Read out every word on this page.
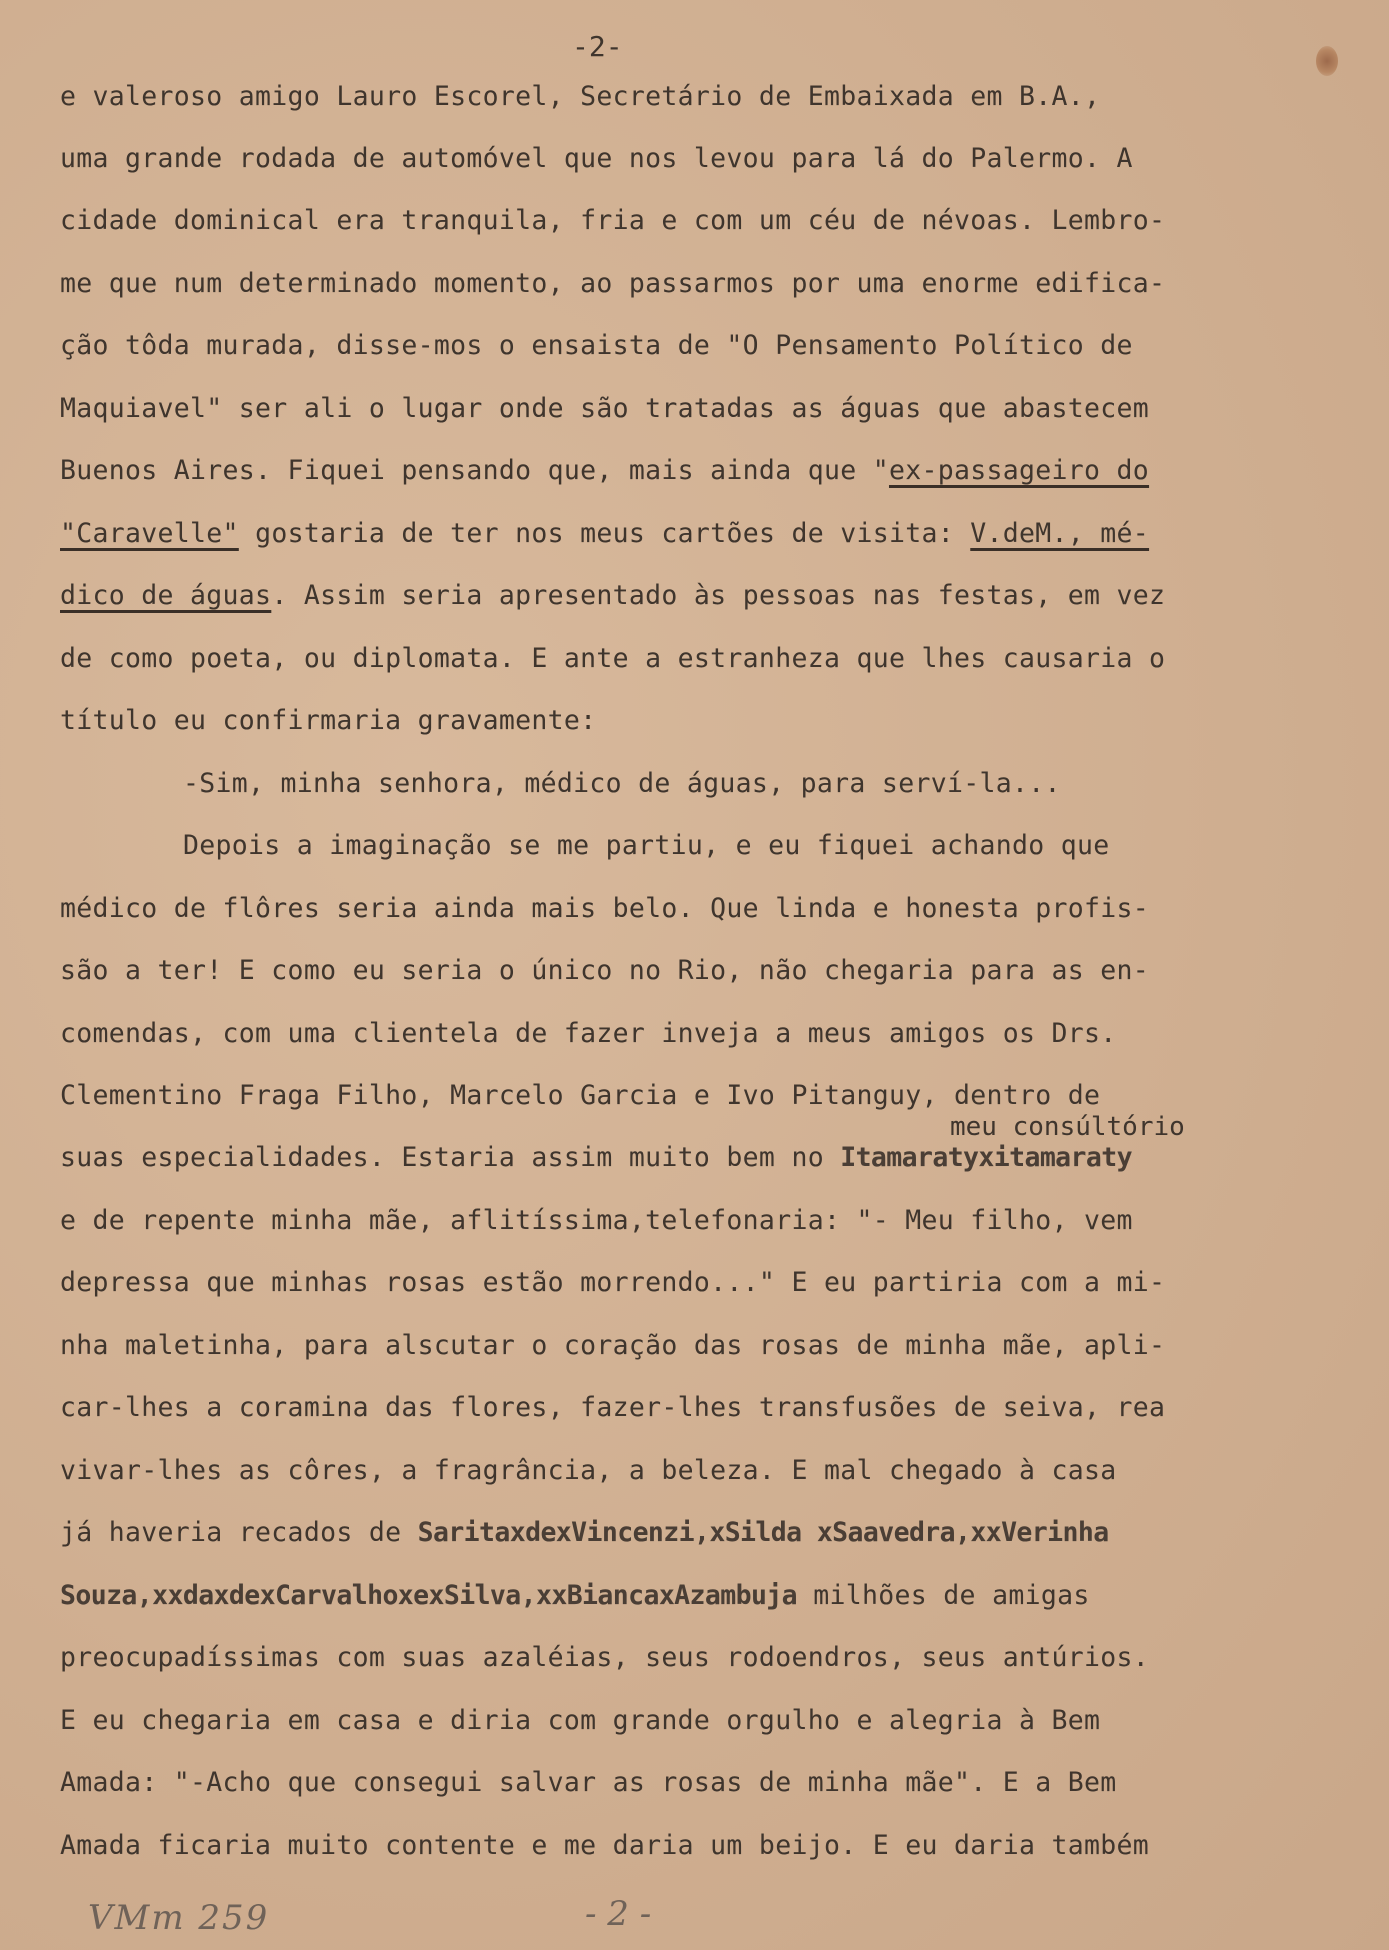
-2-
e valeroso amigo Lauro Escorel, Secretário de Embaixada em B.A.,
uma grande rodada de automóvel que nos levou para lá do Palermo. A
cidade dominical era tranquila, fria e com um céu de névoas. Lembro-
me que num determinado momento, ao passarmos por uma enorme edifica-
ção tôda murada, disse-mos o ensaista de "O Pensamento Político de
Maquiavel" ser ali o lugar onde são tratadas as águas que abastecem
Buenos Aires. Fiquei pensando que, mais ainda que "ex-passageiro do
"Caravelle" gostaria de ter nos meus cartões de visita: V.deM., mé-
dico de águas. Assim seria apresentado às pessoas nas festas, em vez
de como poeta, ou diplomata. E ante a estranheza que lhes causaria o
título eu confirmaria gravamente:
-Sim, minha senhora, médico de águas, para serví-la...
Depois a imaginação se me partiu, e eu fiquei achando que
médico de flôres seria ainda mais belo. Que linda e honesta profis-
são a ter! E como eu seria o único no Rio, não chegaria para as en-
comendas, com uma clientela de fazer inveja a meus amigos os Drs.
Clementino Fraga Filho, Marcelo Garcia e Ivo Pitanguy, dentro de
meu consúltório
suas especialidades. Estaria assim muito bem no Itamaratyxitamaraty
e de repente minha mãe, aflitíssima,telefonaria: "- Meu filho, vem
depressa que minhas rosas estão morrendo..." E eu partiria com a mi-
nha maletinha, para alscutar o coração das rosas de minha mãe, apli-
car-lhes a coramina das flores, fazer-lhes transfusões de seiva, rea
vivar-lhes as côres, a fragrância, a beleza. E mal chegado à casa
já haveria recados de SaritaxdexVincenzi,xSilda xSaavedra,xxVerinha
Souza,xxdaxdexCarvalhoxexSilva,xxBiancaxAzambuja milhões de amigas
preocupadíssimas com suas azaléias, seus rodoendros, seus antúrios.
E eu chegaria em casa e diria com grande orgulho e alegria à Bem
Amada: "-Acho que consegui salvar as rosas de minha mãe". E a Bem
Amada ficaria muito contente e me daria um beijo. E eu daria também
VMm 259	- 2 -
